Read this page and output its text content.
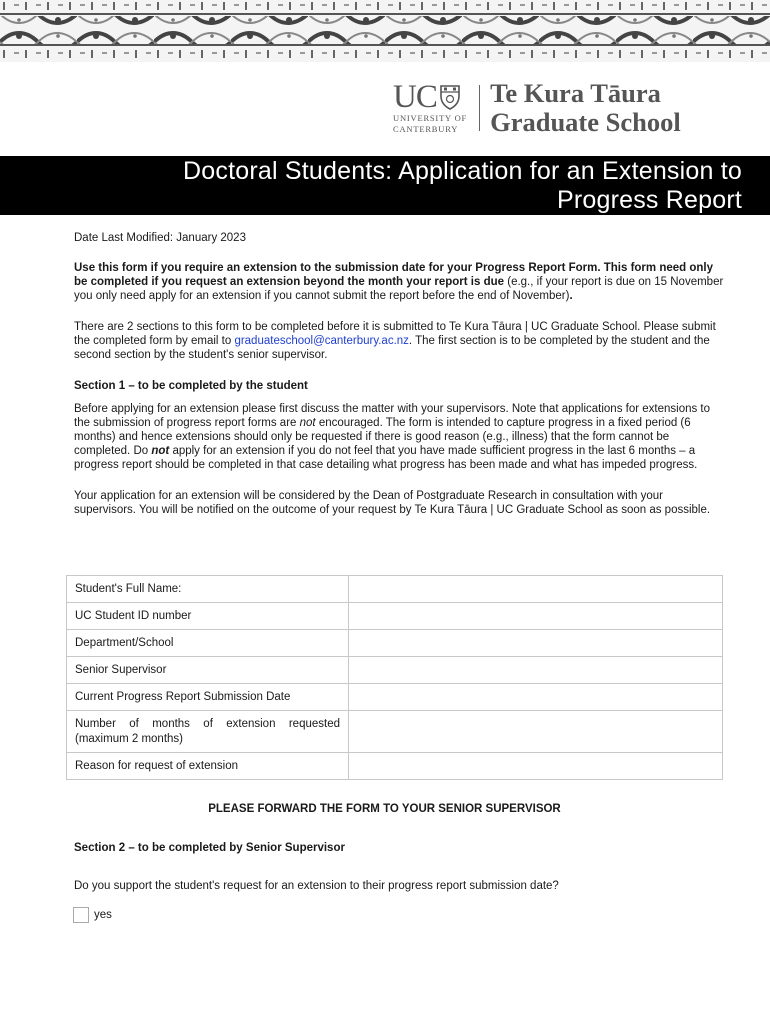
UC
UNIVERSITY OF
CANTERBURY
Te Kura Tāura
Graduate School
Doctoral Students: Application for an Extension to
Progress Report

Date Last Modified: January 2023

Use this form if you require an extension to the submission date for your Progress Report Form. This form need only be completed if you request an extension beyond the month your report is due (e.g., if your report is due on 15 November you only need apply for an extension if you cannot submit the report before the end of November).

There are 2 sections to this form to be completed before it is submitted to Te Kura Tāura | UC Graduate School. Please submit the completed form by email to graduateschool@canterbury.ac.nz. The first section is to be completed by the student and the second section by the student's senior supervisor.

Section 1 – to be completed by the student

Before applying for an extension please first discuss the matter with your supervisors. Note that applications for extensions to the submission of progress report forms are not encouraged. The form is intended to capture progress in a fixed period (6 months) and hence extensions should only be requested if there is good reason (e.g., illness) that the form cannot be completed. Do not apply for an extension if you do not feel that you have made sufficient progress in the last 6 months – a progress report should be completed in that case detailing what progress has been made and what has impeded progress.

Your application for an extension will be considered by the Dean of Postgraduate Research in consultation with your supervisors. You will be notified on the outcome of your request by Te Kura Tāura | UC Graduate School as soon as possible.

Student's Full Name:	
UC Student ID number	
Department/School	
Senior Supervisor	
Current Progress Report Submission Date	
Number of months of extension requested (maximum 2 months)	
Reason for request of extension	
PLEASE FORWARD THE FORM TO YOUR SENIOR SUPERVISOR
Section 2 – to be completed by Senior Supervisor
Do you support the student's request for an extension to their progress report submission date?
yes
